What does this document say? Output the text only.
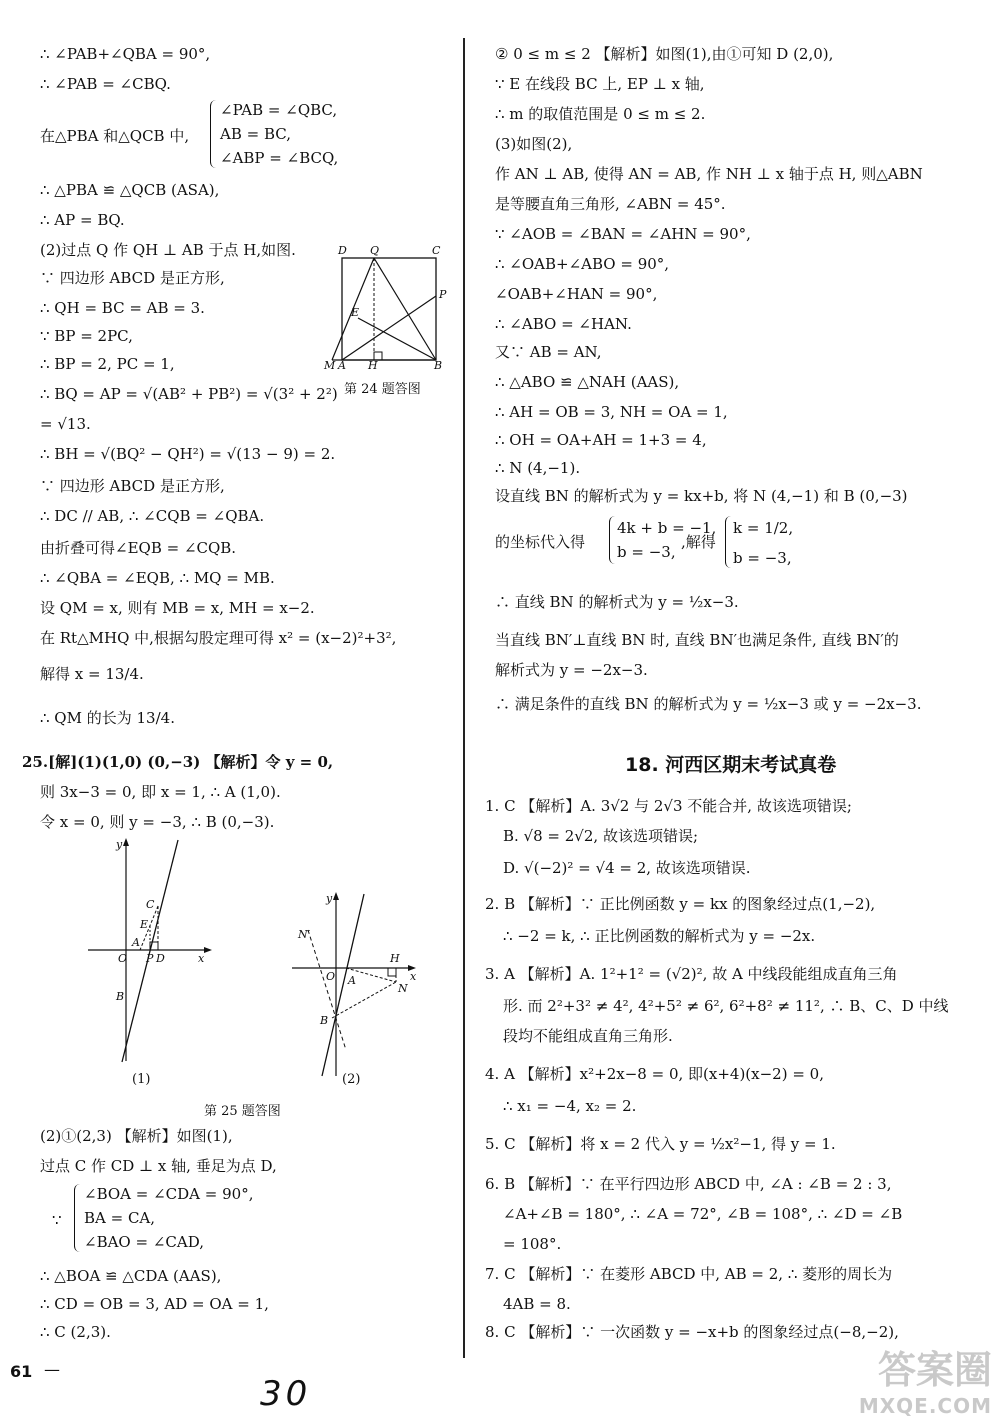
∴ ∠PAB+∠QBA = 90°,
∴ ∠PAB = ∠CBQ.
在△PBA 和△QCB 中,
∠PAB = ∠QBC,
AB = BC,
∠ABP = ∠BCQ,
∴ △PBA ≌ △QCB (ASA),
∴ AP = BQ.
(2)过点 Q 作 QH ⊥ AB 于点 H,如图.
∵ 四边形 ABCD 是正方形,
∴ QH = BC = AB = 3.
∵ BP = 2PC,
∴ BP = 2, PC = 1,
∴ BQ = AP = √(AB² + PB²) = √(3² + 2²)
= √13.
∴ BH = √(BQ² − QH²) = √(13 − 9) = 2.
∵ 四边形 ABCD 是正方形,
∴ DC // AB, ∴ ∠CQB = ∠QBA.
由折叠可得∠EQB = ∠CQB.
∴ ∠QBA = ∠EQB, ∴ MQ = MB.
设 QM = x, 则有 MB = x, MH = x−2.
在 Rt△MHQ 中,根据勾股定理可得 x² = (x−2)²+3²,
解得 x = 13/4.
∴ QM 的长为 13/4.
D Q	C
P
E
M A H	B
第 24 题答图
25.[解](1)(1,0) (0,−3) 【解析】令 y = 0,
则 3x−3 = 0, 即 x = 1, ∴ A (1,0).
令 x = 0, 则 y = −3, ∴ B (0,−3).
y
C
E
A
O P D	x
B
y
N′
H
O A	x
N
B
(1)	(2)
第 25 题答图
(2)①(2,3) 【解析】如图(1),
过点 C 作 CD ⊥ x 轴, 垂足为点 D,
∵
∠BOA = ∠CDA = 90°,
BA = CA,
∠BAO = ∠CAD,
∴ △BOA ≌ △CDA (AAS),
∴ CD = OB = 3, AD = OA = 1,
∴ C (2,3).
② 0 ≤ m ≤ 2 【解析】如图(1),由①可知 D (2,0),
∵ E 在线段 BC 上, EP ⊥ x 轴,
∴ m 的取值范围是 0 ≤ m ≤ 2.
(3)如图(2),
作 AN ⊥ AB, 使得 AN = AB, 作 NH ⊥ x 轴于点 H, 则△ABN
是等腰直角三角形, ∠ABN = 45°.
∵ ∠AOB = ∠BAN = ∠AHN = 90°,
∴ ∠OAB+∠ABO = 90°,
∠OAB+∠HAN = 90°,
∴ ∠ABO = ∠HAN.
又∵ AB = AN,
∴ △ABO ≌ △NAH (AAS),
∴ AH = OB = 3, NH = OA = 1,
∴ OH = OA+AH = 1+3 = 4,
∴ N (4,−1).
设直线 BN 的解析式为 y = kx+b, 将 N (4,−1) 和 B (0,−3)
的坐标代入得
4k + b = −1,
b = −3,
,解得
k = 1/2,
b = −3,
∴ 直线 BN 的解析式为 y = ½x−3.
当直线 BN′⊥直线 BN 时, 直线 BN′也满足条件, 直线 BN′的
解析式为 y = −2x−3.
∴ 满足条件的直线 BN 的解析式为 y = ½x−3 或 y = −2x−3.
18. 河西区期末考试真卷
1. C 【解析】A. 3√2 与 2√3 不能合并, 故该选项错误;
B. √8 = 2√2, 故该选项错误;
D. √(−2)² = √4 = 2, 故该选项错误.
2. B 【解析】∵ 正比例函数 y = kx 的图象经过点(1,−2),
∴ −2 = k, ∴ 正比例函数的解析式为 y = −2x.
3. A 【解析】A. 1²+1² = (√2)², 故 A 中线段能组成直角三角
形. 而 2²+3² ≠ 4², 4²+5² ≠ 6², 6²+8² ≠ 11², ∴ B、C、D 中线
段均不能组成直角三角形.
4. A 【解析】x²+2x−8 = 0, 即(x+4)(x−2) = 0,
∴ x₁ = −4, x₂ = 2.
5. C 【解析】将 x = 2 代入 y = ½x²−1, 得 y = 1.
6. B 【解析】∵ 在平行四边形 ABCD 中, ∠A : ∠B = 2 : 3,
∠A+∠B = 180°, ∴ ∠A = 72°, ∠B = 108°, ∴ ∠D = ∠B
= 108°.
7. C 【解析】∵ 在菱形 ABCD 中, AB = 2, ∴ 菱形的周长为
4AB = 8.
8. C 【解析】∵ 一次函数 y = −x+b 的图象经过点(−8,−2),
61 —
30
答案圈
MXQE.COM
